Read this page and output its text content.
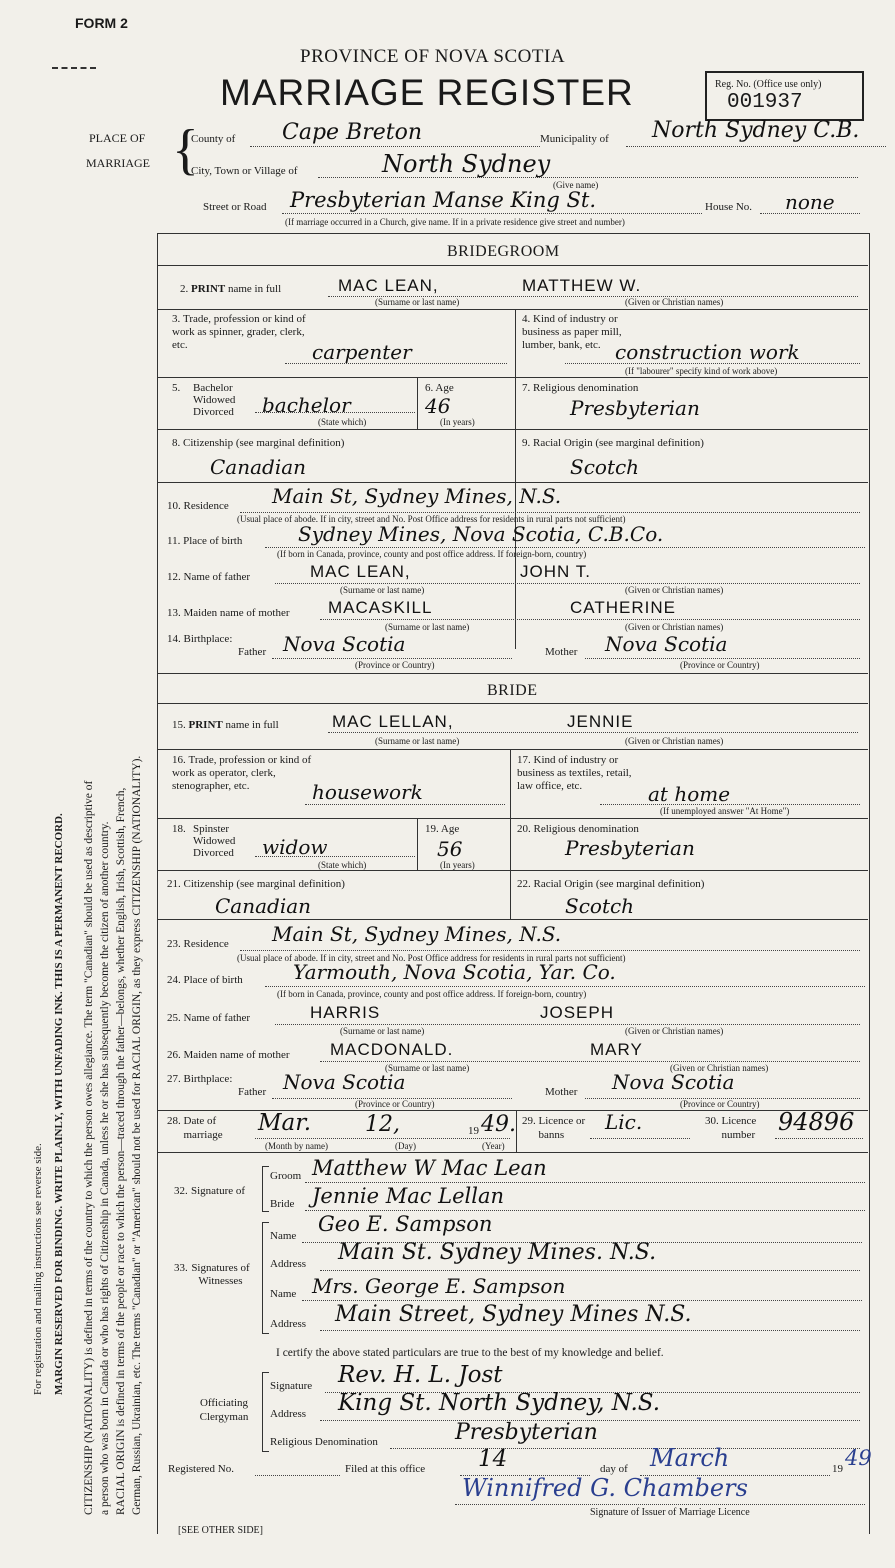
FORM 2
PROVINCE OF NOVA SCOTIA
MARRIAGE REGISTER	Reg. No. (Office use only)
001937
For registration and mailing instructions see reverse side. MARGIN RESERVED FOR BINDING. WRITE PLAINLY, WITH UNFADING INK. THIS IS A PERMANENT RECORD. CITIZENSHIP (NATIONALITY) is defined in terms of the country to which the person owes allegiance. The term "Canadian" should be used as descriptive of a person who was born in Canada or who has rights of Citizenship in Canada, unless he or she has subsequently become the citizen of another country. RACIAL ORIGIN is defined in terms of the people or race to which the person—traced through the father—belongs, whether English, Irish, Scottish, French, German, Russian, Ukrainian, etc. The terms "Canadian" or "American" should not be used for RACIAL ORIGIN, as they express CITIZENSHIP (NATIONALITY).
PLACE OF
MARRIAGE {
County of Cape Breton	Municipality of North Sydney C.B.
City, Town or Village of	North Sydney
(Give name)
Street or Road Presbyterian Manse King St.	House No. none
(If marriage occurred in a Church, give name. If in a private residence give street and number)
BRIDEGROOM
2. PRINT name in full	MAC LEAN,	MATTHEW W.
(Surname or last name)	(Given or Christian names)
3. Trade, profession or kind of work as spinner, grader, clerk, etc.	carpenter
4. Kind of industry or business as paper mill, lumber, bank, etc. construction work
(If "labourer" specify kind of work above)
5. Bachelor Widowed Divorced	bachelor
(State which)
6. Age
46
(In years)
7. Religious denomination
Presbyterian
8. Citizenship (see marginal definition)
Canadian
9. Racial Origin (see marginal definition)
Scotch
10. Residence Main St, Sydney Mines, N.S.
(Usual place of abode. If in city, street and No. Post Office address for residents in rural parts not sufficient)
11. Place of birth	Sydney Mines, Nova Scotia, C.B.Co.
(If born in Canada, province, county and post office address. If foreign-born, country)
12. Name of father	MAC LEAN,	JOHN T.
(Surname or last name)	(Given or Christian names)
13. Maiden name of mother MACASKILL	CATHERINE
(Surname or last name)	(Given or Christian names)
14. Birthplace:
Father Nova Scotia	Mother Nova Scotia
(Province or Country)	(Province or Country)
BRIDE
15. PRINT name in full	MAC LELLAN,	JENNIE
(Surname or last name)	(Given or Christian names)
16. Trade, profession or kind of work as operator, clerk, stenographer, etc.	housework
17. Kind of industry or business as textiles, retail, law office, etc.	at home
(If unemployed answer "At Home")
18. Spinster Widowed Divorced	widow
(State which)
19. Age
56
(In years)
20. Religious denomination
Presbyterian
21. Citizenship (see marginal definition)
Canadian
22. Racial Origin (see marginal definition)
Scotch
23. Residence Main St, Sydney Mines, N.S.
(Usual place of abode. If in city, street and No. Post Office address for residents in rural parts not sufficient)
24. Place of birth	Yarmouth, Nova Scotia, Yar. Co.
(If born in Canada, province, county and post office address. If foreign-born, country)
25. Name of father	HARRIS	JOSEPH
(Surname or last name)	(Given or Christian names)
26. Maiden name of mother MACDONALD.	MARY
(Surname or last name)	(Given or Christian names)
27. Birthplace:
Father Nova Scotia	Mother Nova Scotia
(Province or Country)	(Province or Country)
28. Date of marriage	Mar. 12,	19 49.
(Month by name)	(Day)	(Year)
29. Licence or banns
Lic.	30. Licence number 94896
32. Signature of
Groom Matthew W Mac Lean
Bride Jennie Mac Lellan
33. Signatures of Witnesses
Name Geo E. Sampson
Address Main St. Sydney Mines. N.S.
Name Mrs. George E. Sampson
Address Main Street, Sydney Mines N.S.
I certify the above stated particulars are true to the best of my knowledge and belief.
Officiating Clergyman
Signature Rev. H. L. Jost
Address King St. North Sydney, N.S.
Religious Denomination	Presbyterian
Registered No.	Filed at this office 14	day of March	19 49
Winnifred G. Chambers
Signature of Issuer of Marriage Licence
[SEE OTHER SIDE]
